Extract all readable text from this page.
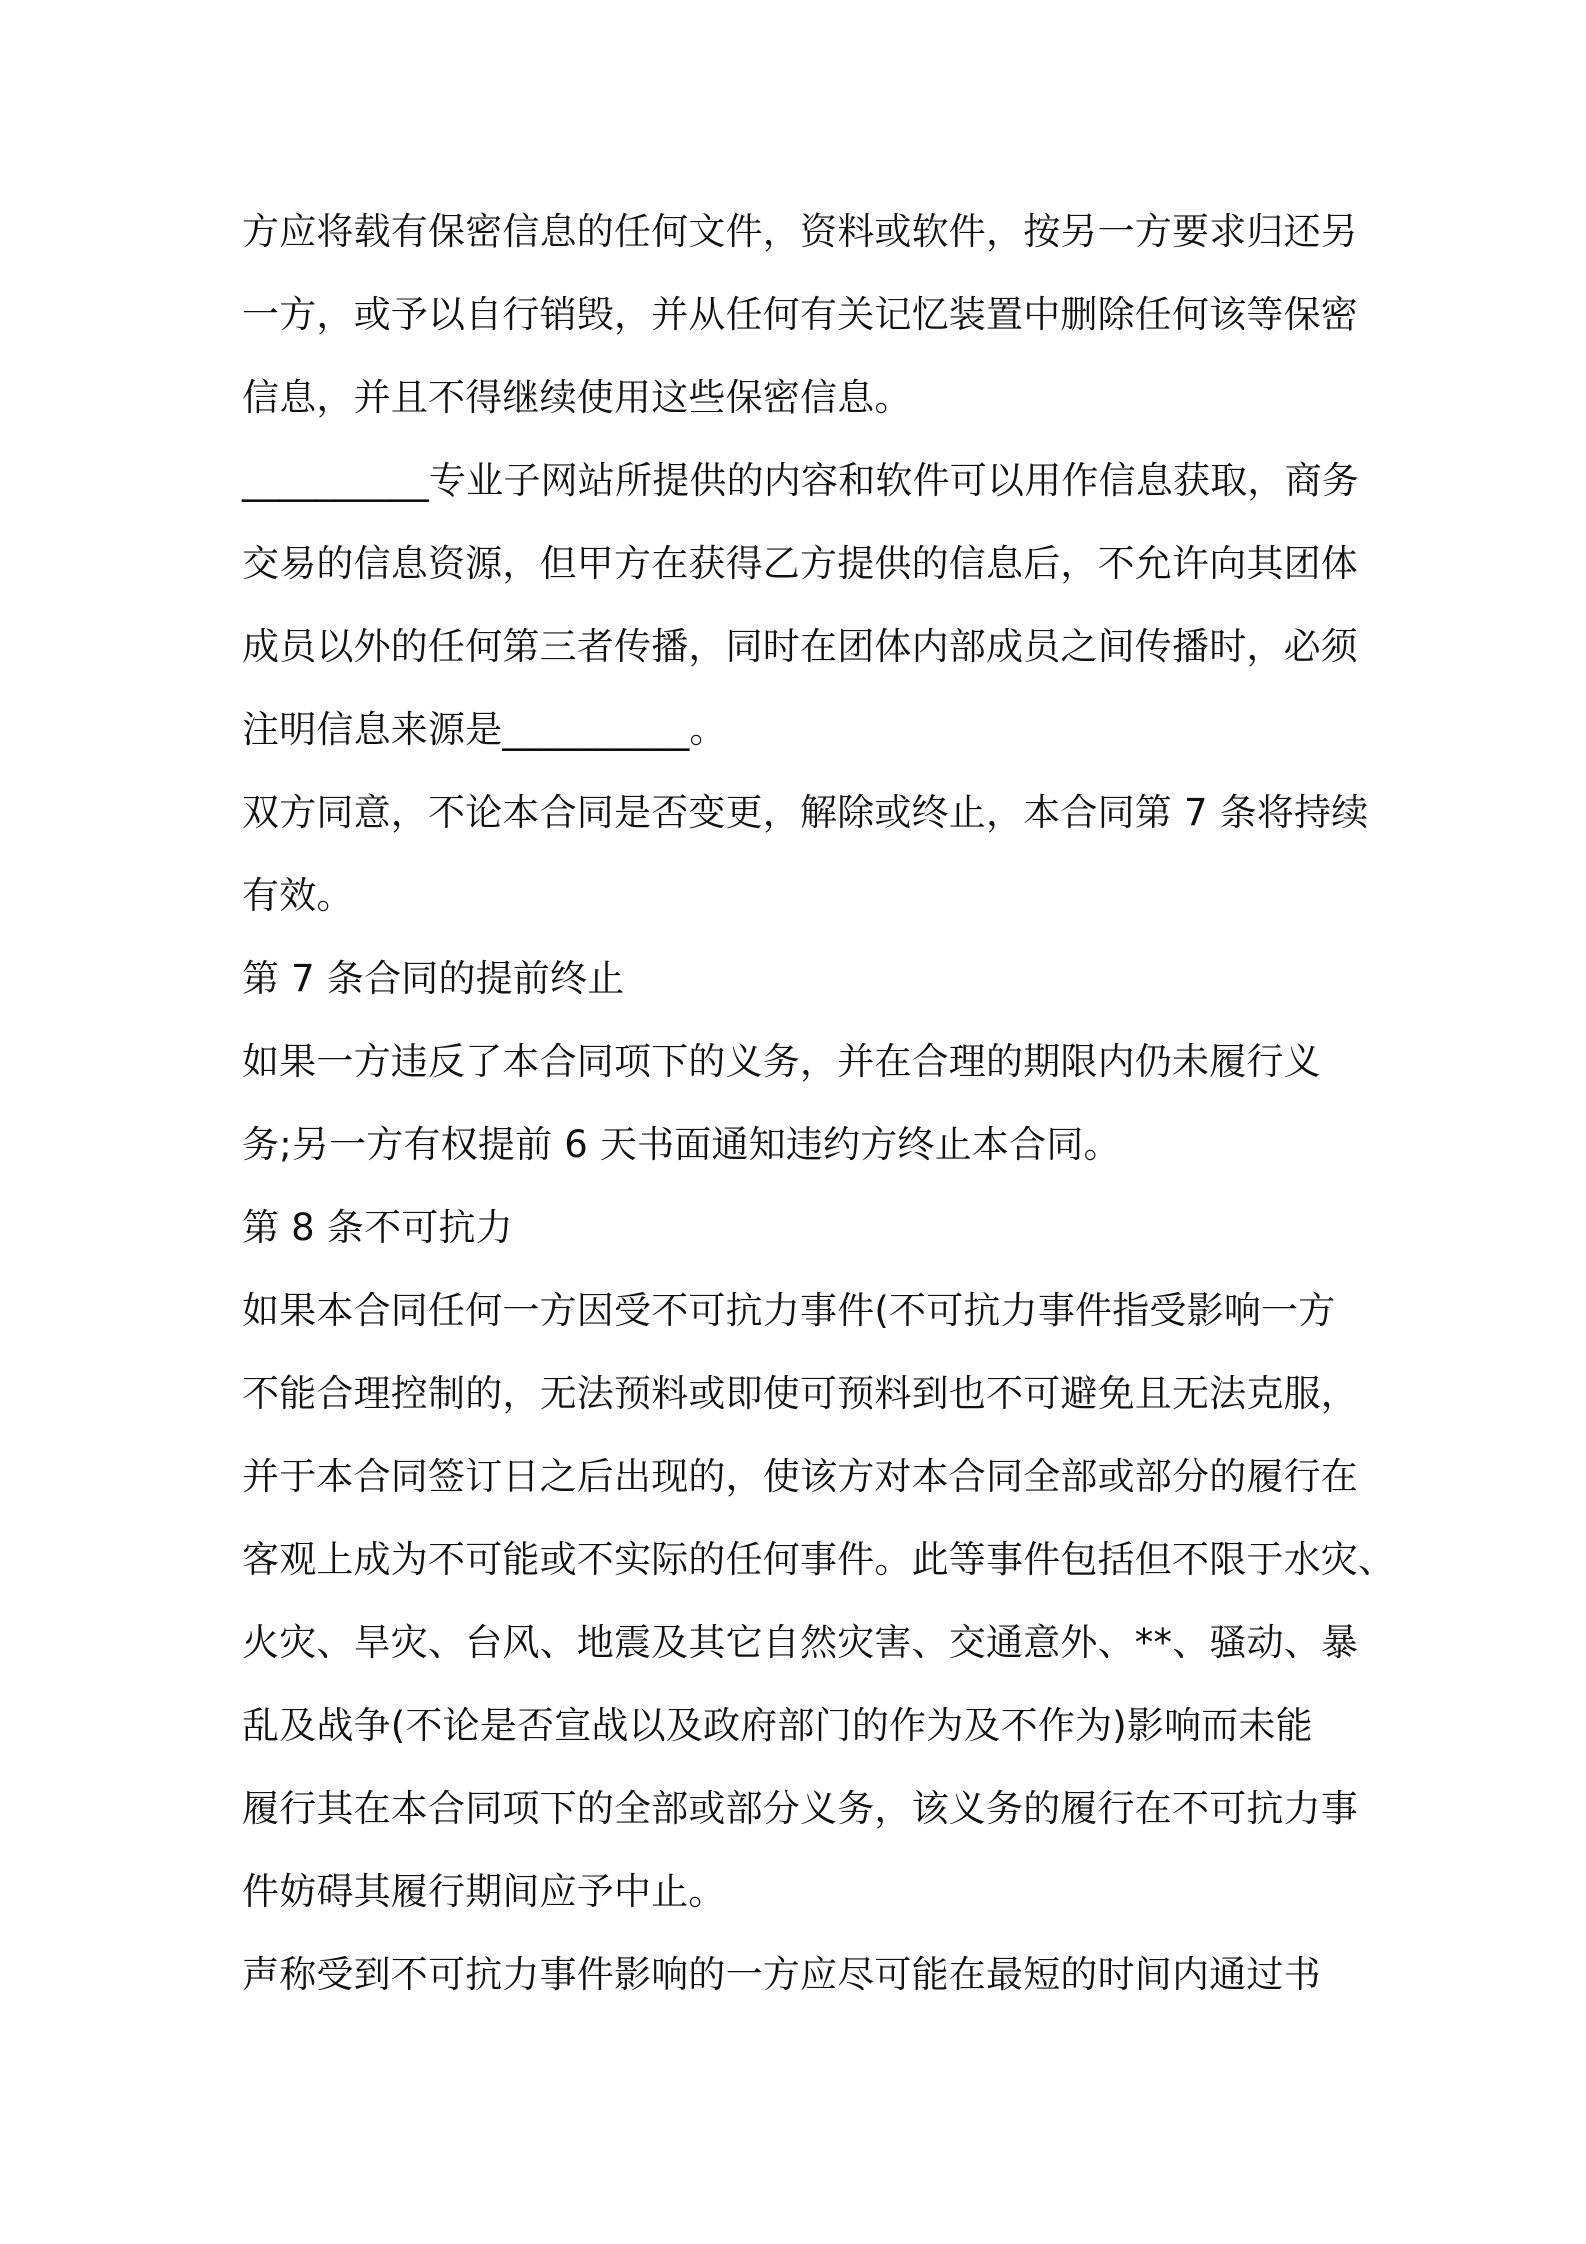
方应将载有保密信息的任何文件，资料或软件，按另一方要求归还另
一方，或予以自行销毁，并从任何有关记忆装置中删除任何该等保密
信息，并且不得继续使用这些保密信息。
__________专业子网站所提供的内容和软件可以用作信息获取，商务
交易的信息资源，但甲方在获得乙方提供的信息后，不允许向其团体
成员以外的任何第三者传播，同时在团体内部成员之间传播时，必须
注明信息来源是__________。
双方同意，不论本合同是否变更，解除或终止，本合同第 7 条将持续
有效。
第 7 条合同的提前终止
如果一方违反了本合同项下的义务，并在合理的期限内仍未履行义
务;另一方有权提前 6 天书面通知违约方终止本合同。
第 8 条不可抗力
如果本合同任何一方因受不可抗力事件(不可抗力事件指受影响一方
不能合理控制的，无法预料或即使可预料到也不可避免且无法克服，
并于本合同签订日之后出现的，使该方对本合同全部或部分的履行在
客观上成为不可能或不实际的任何事件。此等事件包括但不限于水灾、
火灾、旱灾、台风、地震及其它自然灾害、交通意外、**、骚动、暴
乱及战争(不论是否宣战以及政府部门的作为及不作为)影响而未能
履行其在本合同项下的全部或部分义务，该义务的履行在不可抗力事
件妨碍其履行期间应予中止。
声称受到不可抗力事件影响的一方应尽可能在最短的时间内通过书
